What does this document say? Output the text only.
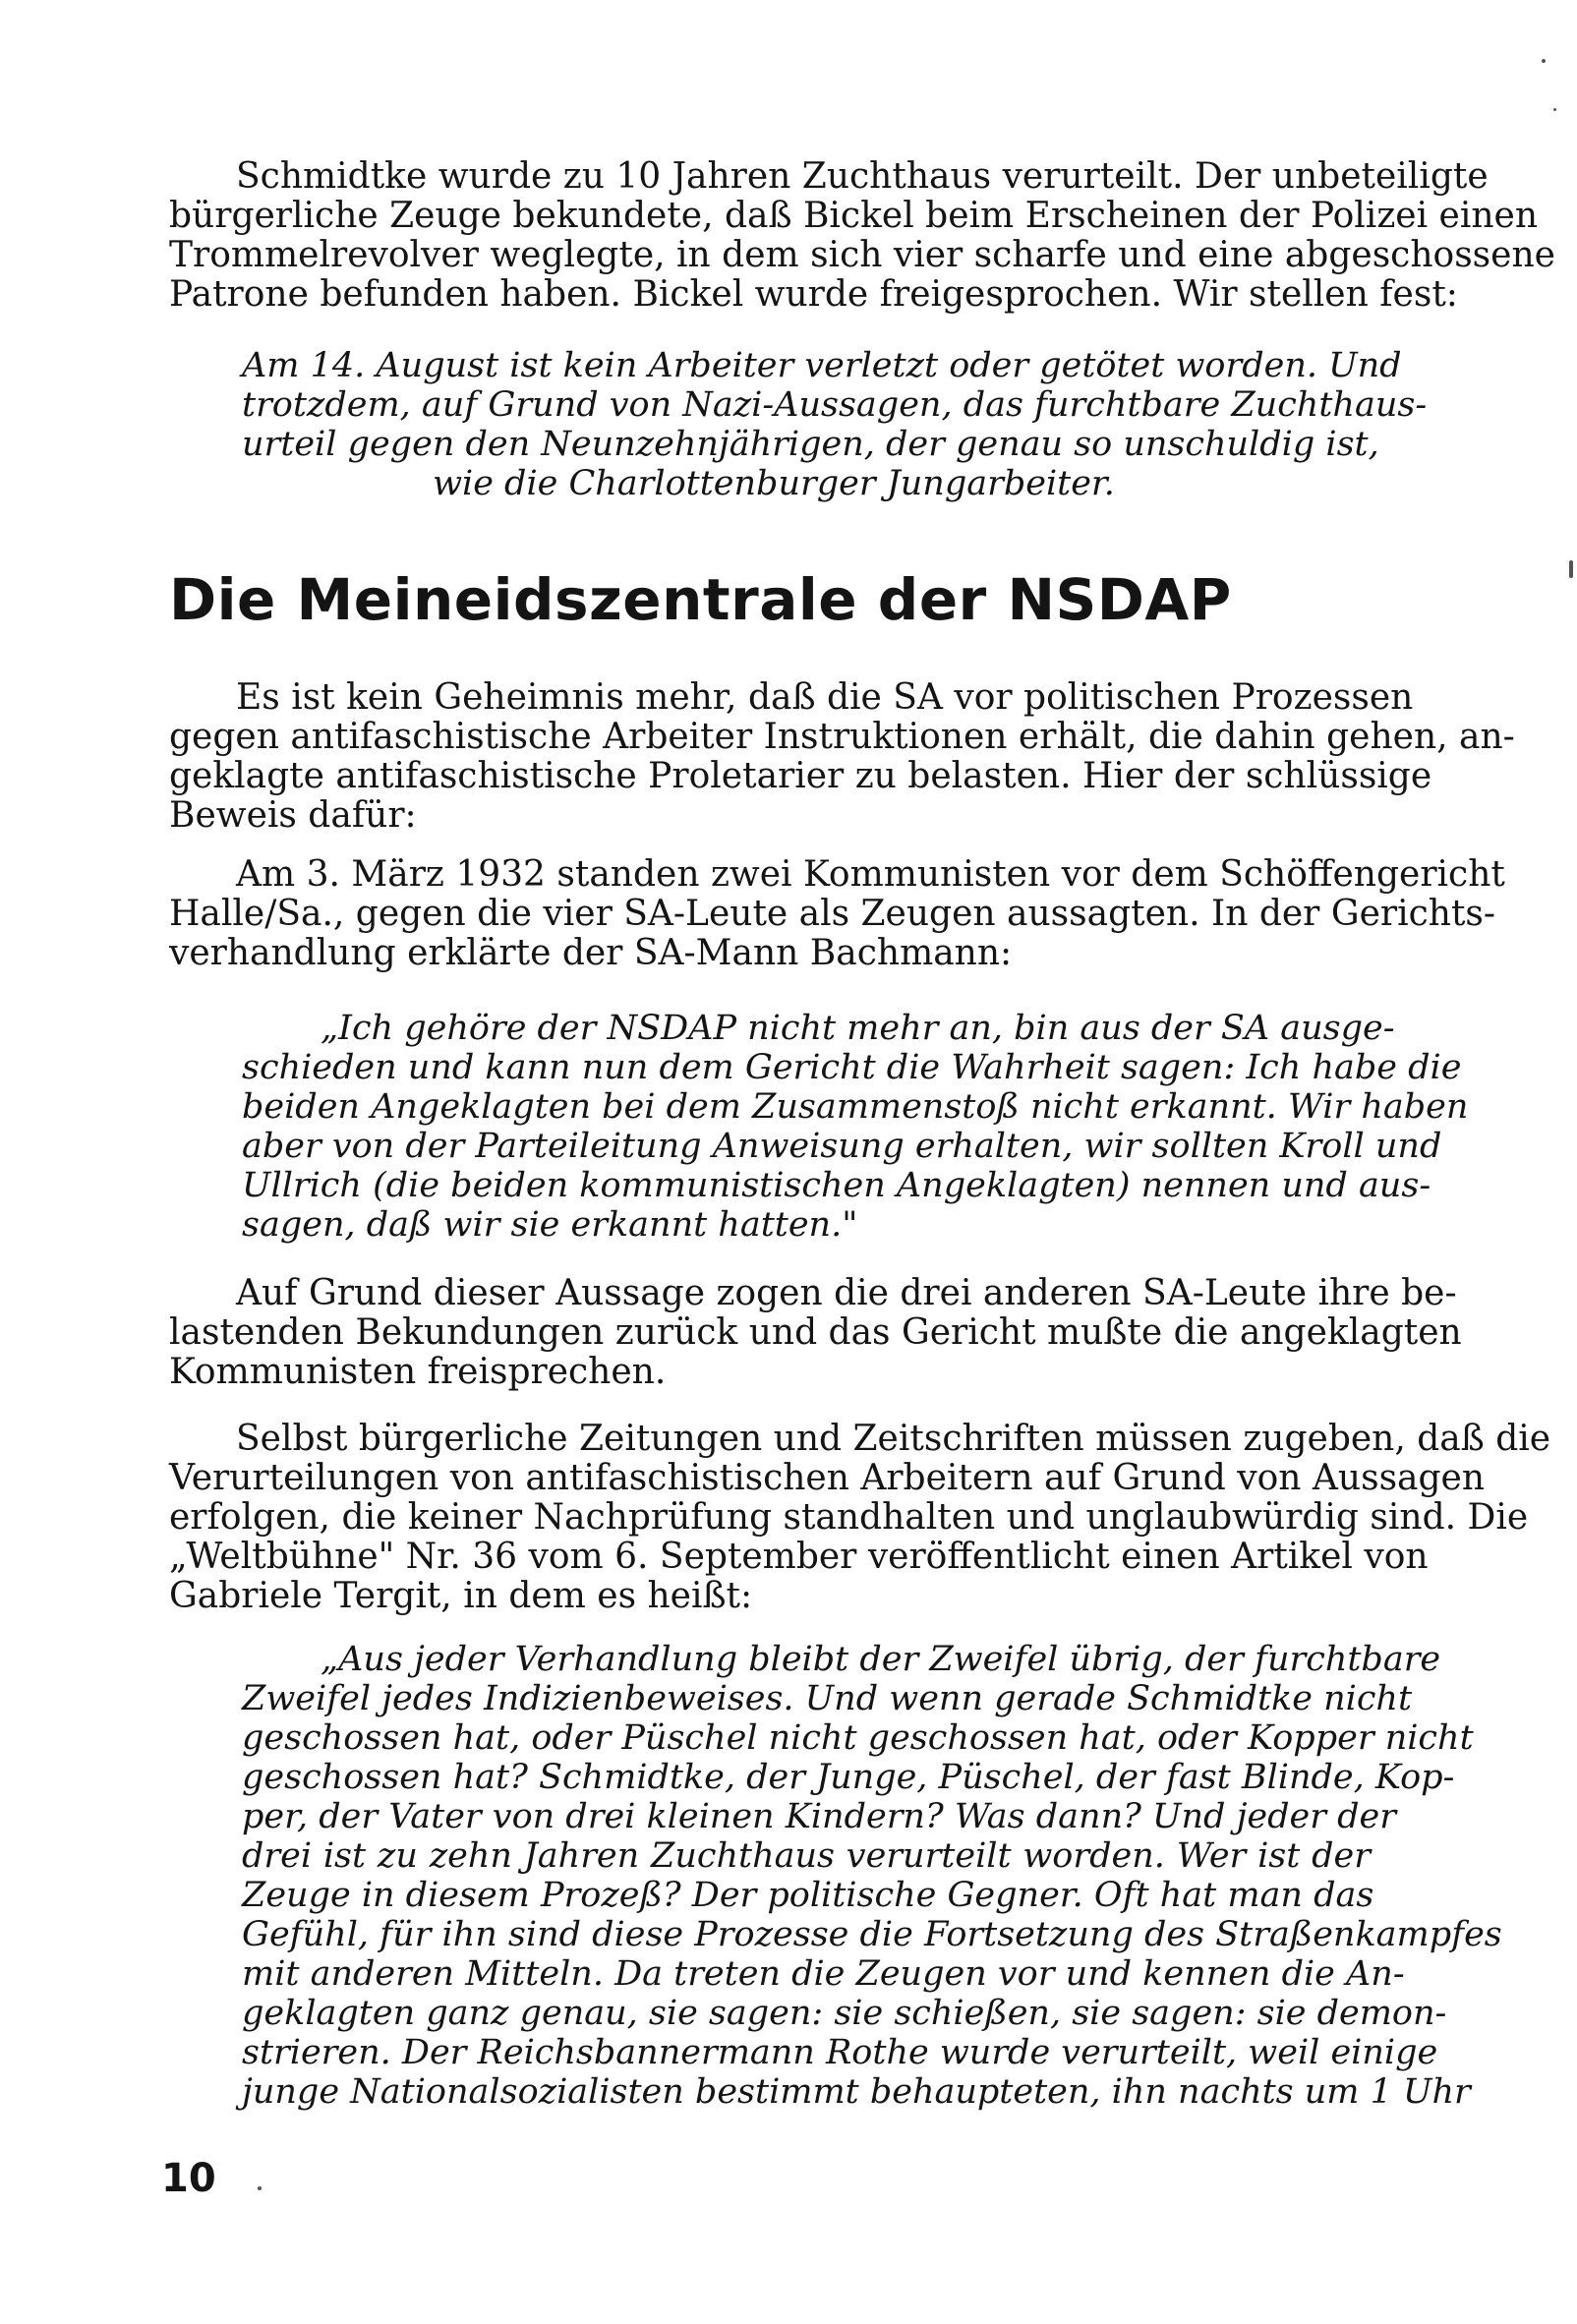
Schmidtke wurde zu 10 Jahren Zuchthaus verurteilt. Der unbeteiligte
bürgerliche Zeuge bekundete, daß Bickel beim Erscheinen der Polizei einen
Trommelrevolver weglegte, in dem sich vier scharfe und eine abgeschossene
Patrone befunden haben. Bickel wurde freigesprochen. Wir stellen fest:
Am 14. August ist kein Arbeiter verletzt oder getötet worden. Und
trotzdem, auf Grund von Nazi-Aussagen, das furchtbare Zuchthaus-
urteil gegen den Neunzehnjährigen, der genau so unschuldig ist,
wie die Charlottenburger Jungarbeiter.
Die Meineidszentrale der NSDAP
Es ist kein Geheimnis mehr, daß die SA vor politischen Prozessen
gegen antifaschistische Arbeiter Instruktionen erhält, die dahin gehen, an-
geklagte antifaschistische Proletarier zu belasten. Hier der schlüssige
Beweis dafür:
Am 3. März 1932 standen zwei Kommunisten vor dem Schöffengericht
Halle/Sa., gegen die vier SA-Leute als Zeugen aussagten. In der Gerichts-
verhandlung erklärte der SA-Mann Bachmann:
„Ich gehöre der NSDAP nicht mehr an, bin aus der SA ausge-
schieden und kann nun dem Gericht die Wahrheit sagen: Ich habe die
beiden Angeklagten bei dem Zusammenstoß nicht erkannt. Wir haben
aber von der Parteileitung Anweisung erhalten, wir sollten Kroll und
Ullrich (die beiden kommunistischen Angeklagten) nennen und aus-
sagen, daß wir sie erkannt hatten."
Auf Grund dieser Aussage zogen die drei anderen SA-Leute ihre be-
lastenden Bekundungen zurück und das Gericht mußte die angeklagten
Kommunisten freisprechen.
Selbst bürgerliche Zeitungen und Zeitschriften müssen zugeben, daß die
Verurteilungen von antifaschistischen Arbeitern auf Grund von Aussagen
erfolgen, die keiner Nachprüfung standhalten und unglaubwürdig sind. Die
„Weltbühne" Nr. 36 vom 6. September veröffentlicht einen Artikel von
Gabriele Tergit, in dem es heißt:
„Aus jeder Verhandlung bleibt der Zweifel übrig, der furchtbare
Zweifel jedes Indizienbeweises. Und wenn gerade Schmidtke nicht
geschossen hat, oder Püschel nicht geschossen hat, oder Kopper nicht
geschossen hat? Schmidtke, der Junge, Püschel, der fast Blinde, Kop-
per, der Vater von drei kleinen Kindern? Was dann? Und jeder der
drei ist zu zehn Jahren Zuchthaus verurteilt worden. Wer ist der
Zeuge in diesem Prozeß? Der politische Gegner. Oft hat man das
Gefühl, für ihn sind diese Prozesse die Fortsetzung des Straßenkampfes
mit anderen Mitteln. Da treten die Zeugen vor und kennen die An-
geklagten ganz genau, sie sagen: sie schießen, sie sagen: sie demon-
strieren. Der Reichsbannermann Rothe wurde verurteilt, weil einige
junge Nationalsozialisten bestimmt behaupteten, ihn nachts um 1 Uhr
10
